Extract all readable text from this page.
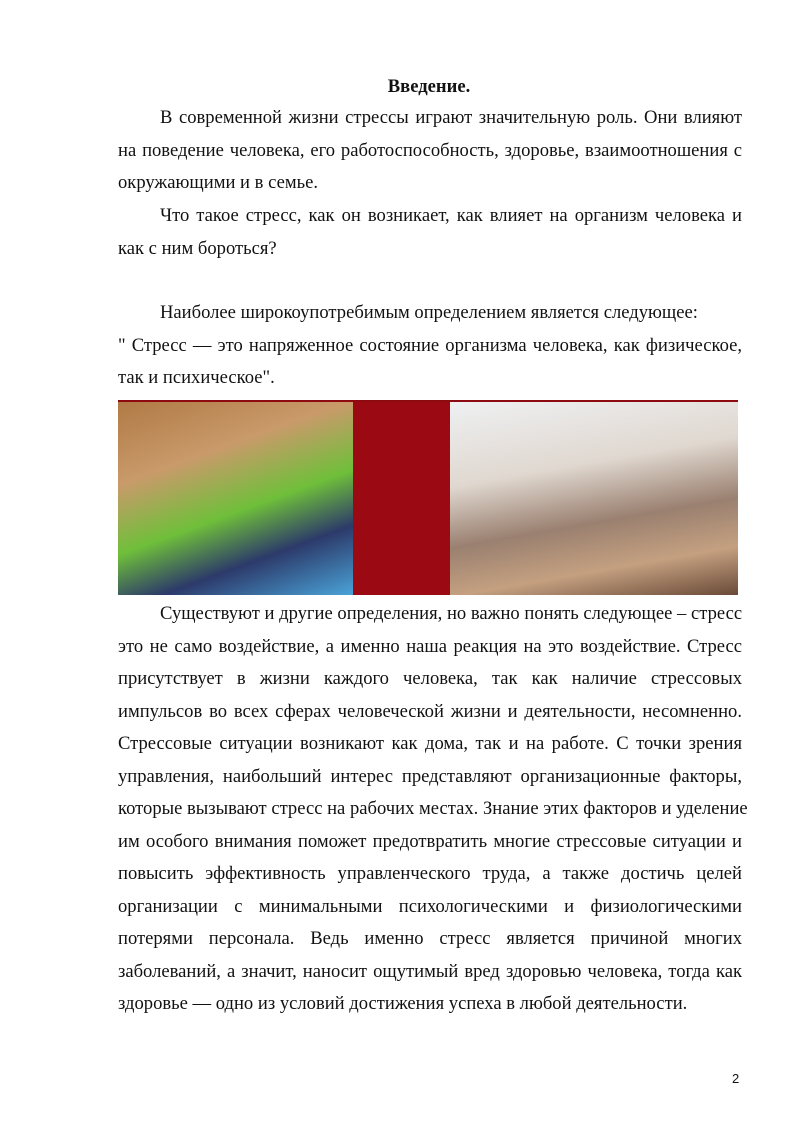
Введение.
В современной жизни стрессы играют значительную роль. Они влияют
на поведение человека, его работоспособность, здоровье, взаимоотношения с
окружающими и в семье.
Что такое стресс, как он возникает, как влияет на организм человека и
как с ним бороться?
Наиболее широкоупотребимым определением является следующее:
" Стресс — это напряженное состояние организма человека, как физическое,
так и психическое".
Существуют и другие определения, но важно понять следующее – стресс
это не само воздействие, а именно наша реакция на это воздействие. Стресс
присутствует в жизни каждого человека, так как наличие стрессовых
импульсов во всех сферах человеческой жизни и деятельности, несомненно.
Стрессовые ситуации возникают как дома, так и на работе. С точки зрения
управления, наибольший интерес представляют организационные факторы,
которые вызывают стресс на рабочих местах. Знание этих факторов и уделение
им особого внимания поможет предотвратить многие стрессовые ситуации и
повысить эффективность управленческого труда, а также достичь целей
организации с минимальными психологическими и физиологическими
потерями персонала. Ведь именно стресс является причиной многих
заболеваний, а значит, наносит ощутимый вред здоровью человека, тогда как
здоровье — одно из условий достижения успеха в любой деятельности.
2
